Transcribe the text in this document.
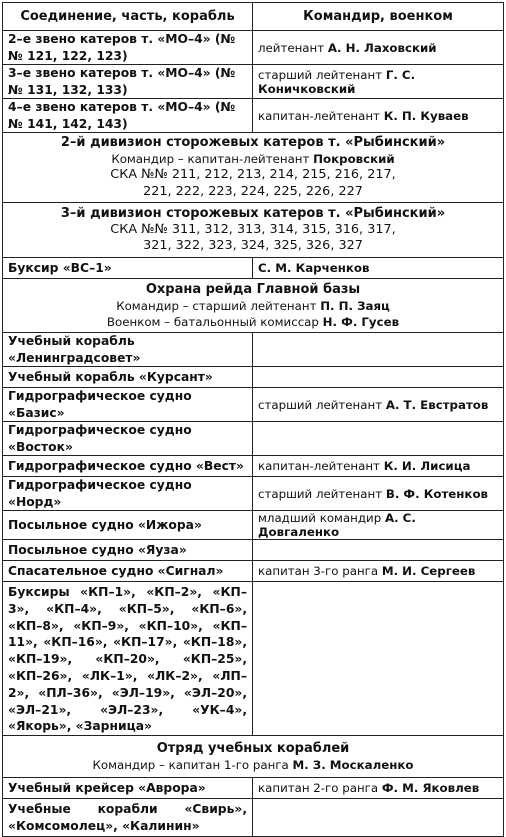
Соединение, часть, корабль	Командир, военком
2–е звено катеров т. «МО–4» (№№ 121, 122, 123)	лейтенант А. Н. Лаховский
3–е звено катеров т. «МО–4» (№№ 131, 132, 133)	старший лейтенант Г. С. Коничковский
4–е звено катеров т. «МО–4» (№№ 141, 142, 143)	капитан-лейтенант К. П. Куваев

2–й дивизион сторожевых катеров т. «Рыбинский»
Командир – капитан-лейтенант Покровский
СКА №№ 211, 212, 213, 214, 215, 216, 217,
221, 222, 223, 224, 225, 226, 227	

3–й дивизион сторожевых катеров т. «Рыбинский»
СКА №№ 311, 312, 313, 314, 315, 316, 317,
321, 322, 323, 324, 325, 326, 327	

Буксир «ВС–1»	С. М. Карченков

Охрана рейда Главной базы
Командир – старший лейтенант П. П. Заяц
Военком – батальонный комиссар Н. Ф. Гусев	

Учебный корабль «Ленинградсовет»	
Учебный корабль «Курсант»	
Гидрографическое судно «Базис»	старший лейтенант А. Т. Евстратов
Гидрографическое судно «Восток»	
Гидрографическое судно «Вест»	капитан-лейтенант К. И. Лисица
Гидрографическое судно «Норд»	старший лейтенант В. Ф. Котенков
Посыльное судно «Ижора»	младший командир А. С. Довгаленко
Посыльное судно «Яуза»	
Спасательное судно «Сигнал»	капитан 3-го ранга М. И. Сергеев
Буксиры «КП–1», «КП–2», «КП–3», «КП–4», «КП–5», «КП–6», «КП–8», «КП–9», «КП–10», «КП–11», «КП–16», «КП–17», «КП–18», «КП–19», «КП–20», «КП–25», «КП–26», «ЛК–1», «ЛК–2», «ЛП–2», «ПЛ–36», «ЭЛ–19», «ЭЛ–20», «ЭЛ–21», «ЭЛ–23», «УК–4», «Якорь», «Зарница»	

Отряд учебных кораблей
Командир – капитан 1-го ранга М. З. Москаленко	

Учебный крейсер «Аврора»	капитан 2-го ранга Ф. М. Яковлев
Учебные корабли «Свирь», «Комсомолец», «Калинин»	
